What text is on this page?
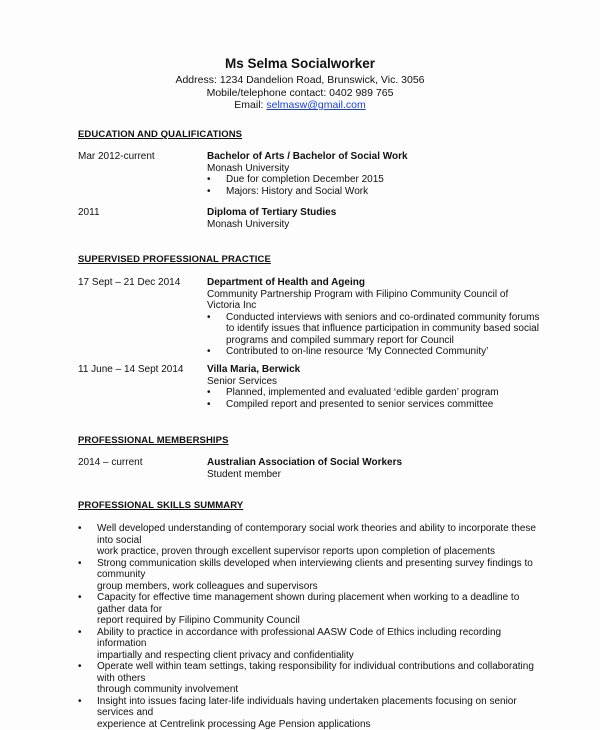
Ms Selma Socialworker
Address: 1234 Dandelion Road, Brunswick, Vic. 3056
Mobile/telephone contact: 0402 989 765
Email: selmasw@gmail.com
EDUCATION AND QUALIFICATIONS
Mar 2012-current	Bachelor of Arts / Bachelor of Social Work
Monash University
• Due for completion December 2015
• Majors: History and Social Work
2011	Diploma of Tertiary Studies
Monash University
SUPERVISED PROFESSIONAL PRACTICE
17 Sept – 21 Dec 2014	Department of Health and Ageing
Community Partnership Program with Filipino Community Council of
Victoria Inc
• Conducted interviews with seniors and co-ordinated community forums
to identify issues that influence participation in community based social
programs and compiled summary report for Council
• Contributed to on-line resource ‘My Connected Community’
11 June – 14 Sept 2014	Villa Maria, Berwick
Senior Services
• Planned, implemented and evaluated ‘edible garden’ program
• Compiled report and presented to senior services committee
PROFESSIONAL MEMBERSHIPS
2014 – current	Australian Association of Social Workers
Student member
PROFESSIONAL SKILLS SUMMARY
• Well developed understanding of contemporary social work theories and ability to incorporate these into social
work practice, proven through excellent supervisor reports upon completion of placements
• Strong communication skills developed when interviewing clients and presenting survey findings to community
group members, work colleagues and supervisors
• Capacity for effective time management shown during placement when working to a deadline to gather data for
report required by Filipino Community Council
• Ability to practice in accordance with professional AASW Code of Ethics including recording information
impartially and respecting client privacy and confidentiality
• Operate well within team settings, taking responsibility for individual contributions and collaborating with others
through community involvement
• Insight into issues facing later-life individuals having undertaken placements focusing on senior services and
experience at Centrelink processing Age Pension applications
